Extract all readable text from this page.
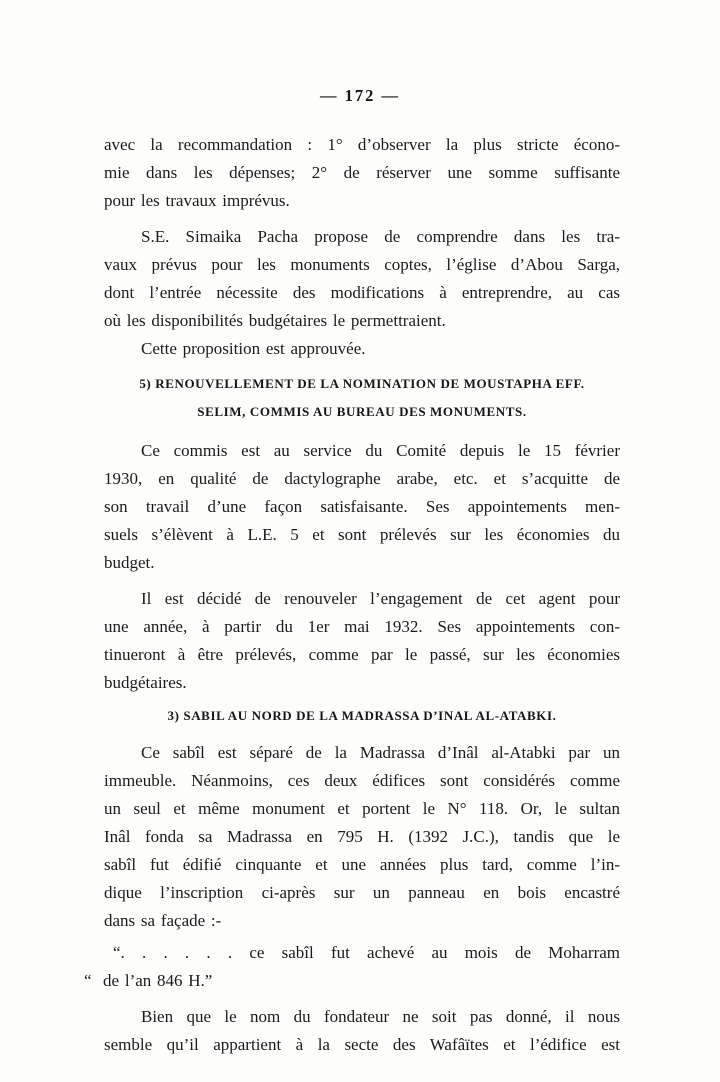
— 172 —
avec la recommandation : 1° d’observer la plus stricte écono-
mie dans les dépenses; 2° de réserver une somme suffisante
pour les travaux imprévus.
S.E. Simaika Pacha propose de comprendre dans les tra-
vaux prévus pour les monuments coptes, l’église d’Abou Sarga,
dont l’entrée nécessite des modifications à entreprendre, au cas
où les disponibilités budgétaires le permettraient.
Cette proposition est approuvée.
5) RENOUVELLEMENT DE LA NOMINATION DE MOUSTAPHA EFF.
SELIM, COMMIS AU BUREAU DES MONUMENTS.
Ce commis est au service du Comité depuis le 15 février
1930, en qualité de dactylographe arabe, etc. et s’acquitte de
son travail d’une façon satisfaisante. Ses appointements men-
suels s’élèvent à L.E. 5 et sont prélevés sur les économies du
budget.
Il est décidé de renouveler l’engagement de cet agent pour
une année, à partir du 1er mai 1932. Ses appointements con-
tinueront à être prélevés, comme par le passé, sur les économies
budgétaires.
3) SABIL AU NORD DE LA MADRASSA D’INAL AL-ATABKI.
Ce sabîl est séparé de la Madrassa d’Inâl al-Atabki par un
immeuble. Néanmoins, ces deux édifices sont considérés comme
un seul et même monument et portent le N° 118. Or, le sultan
Inâl fonda sa Madrassa en 795 H. (1392 J.C.), tandis que le
sabîl fut édifié cinquante et une années plus tard, comme l’in-
dique l’inscription ci-après sur un panneau en bois encastré
dans sa façade :-
“. . . . . . ce sabîl fut achevé au mois de Moharram
“  de l’an 846 H.”
Bien que le nom du fondateur ne soit pas donné, il nous
semble qu’il appartient à la secte des Wafâïtes et l’édifice est
